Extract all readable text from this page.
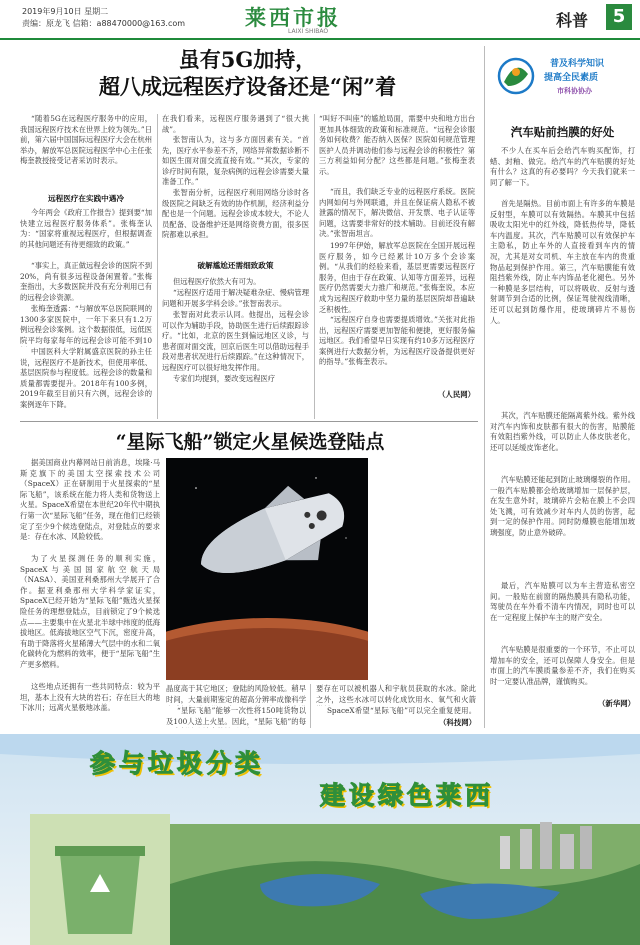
2019年9月10日 星期二
责编：原龙飞 信箱：a88470000@163.com	莱西市报
LAIXI SHIBAO
科普	5
虽有5G加持，
超八成远程医疗设备还是“闲”着

“随着5G在远程医疗服务中的应用，我国远程医疗技术在世界上较为领先。”日前，第六届中国国际远程医疗大会在杭州举办，解放军总医院远程医学中心主任张梅奎教授接受记者采访时表示。

远程医疗在实践中遇冷

今年两会《政府工作报告》提到要“加快建立远程医疗服务体系”。张梅奎认为：“国家将重视远程医疗，但根据调查的其他问题还有待更细致的政策。”

“事实上，真正做远程会诊的医院不到20%，尚有很多远程设备闲置着。”张梅奎指出，大多数医院并没有充分利用已有的远程会诊资源。

张梅奎透露：“与解放军总医院联网的1300多家医院中，一年下来只有1.2万例远程会诊案例。这个数据很低，远低医院平均每家每年的远程会诊可能不到10

中国医科大学附属盛京医院的孙主任说，远程医疗不是新技术，但使用率低、基层医院参与程度低。远程会诊的数量和质量都需要提升。2018年有100多例，2019年截至目前只有六例，远程会诊的案例逐年下降。

在我们看来，远程医疗服务遇到了“很大挑战”。

张智南认为，这与多方面因素有关。“首先，医疗水平参差不齐，网络异常数据诊断不如医生面对面交流直接有效。”“其次，专家的诊疗时间有限，复杂病例的远程会诊需要大量准备工作。”

张智南分析，远程医疗利用网络分诊时各级医院之间缺乏有效的协作机制，经济利益分配也是一个问题。远程会诊成本较大，不论人员配备、设备维护还是网络资费方面，很多医院都难以承担。

破解尴尬还需细致政策

但远程医疗依然大有可为。

“远程医疗适用于解决疑难杂症、慢病管理问题和开展多学科会诊。”张智南表示。

张智南对此表示认同。他提出，远程会诊可以作为辅助手段，协助医生进行后续跟踪诊疗。“比如，北京的医生到偏远地区义诊，与患者面对面交流，回京后医生可以借助远程手段对患者状况进行后续跟踪。”在这种情况下，远程医疗可以很好地发挥作用。

专家们均提到，要改变远程医疗

“叫好不叫座”的尴尬局面，需要中央和地方出台更加具体细致的政策和标准规范。“远程会诊服务如何收费？能否纳入医保？医院如何规范管理医护人员并调动他们参与远程会诊的积极性？第三方利益如何分配？这些都是问题。”张梅奎表示。

“而且，我们缺乏专业的远程医疗系统。医院内网如何与外网联通，并且在保证病人隐私不被泄露的情况下，解决微信、开发票、电子认证等问题，这需要非常好的技术辅助。目前还没有解决。”张智南坦言。

1997年伊始，解放军总医院在全国开展远程医疗服务，如今已经累计10万多个会诊案例。“从我们的经验来看，基层更需要远程医疗服务，但由于存在政策、认知等方面差异，远程医疗仍然需要大力推广和规范。”张梅奎说，本应成为远程医疗救助中坚力量的基层医院却普遍缺乏积极性。

“远程医疗自身也需要提质增效。”关张对此指出，远程医疗需要更加智能和便捷，更好服务偏远地区。我们希望早日实现有约10多万远程医疗案例进行大数据分析，为远程医疗设备提供更好的指导。”张梅奎表示。

（人民网）

普及科学知识
提高全民素质
市科协协办
汽车贴前挡膜的好处

不少人在买车后会给汽车购买配饰，打蜡、封釉、做完。给汽车的汽车贴膜的好处有什么？这真的有必要吗？今天我们就来一同了解一下。

首先是隔热。目前市面上有许多的车膜是反射型，车膜可以有效隔热。车膜其中包括吸收太阳光中的红外线，降低热传导，降低车内温度。其次，汽车贴膜可以有效保护车主隐私，防止车外的人直接看到车内的情况，尤其是对女司机、车主放在车内的贵重物品起到保护作用。第三，汽车贴膜能有效阻挡紫外线，防止车内饰品老化褪色。另外一种膜是多层结构，可以将吸收、反射与透射调节到合适的比例，保证驾驶视线清晰，还可以起到防爆作用，使玻璃碎片不易伤人。

其次，汽车贴膜还能隔离紫外线。紫外线对汽车内饰和皮肤都有很大的伤害，贴膜能有效阻挡紫外线，可以防止人体皮肤老化，还可以延缓皮饰老化。

汽车贴膜还能起到防止玻璃爆裂的作用。一般汽车贴膜都会给玻璃增加一层保护层，在发生意外时，玻璃碎片会粘在膜上不会四处飞溅，可有效减少对车内人员的伤害，起到一定的保护作用。同时防爆膜也能增加玻璃强度，防止意外破碎。

最后，汽车贴膜可以为车主营造私密空间。一般贴在前窗的隔热膜具有隐私功能，驾驶员在车外看不清车内情况，同时也可以在一定程度上保护车主的财产安全。

汽车贴膜是很重要的一个环节，不止可以增加车的安全，还可以保障人身安全。但是市面上的汽车膜质量参差不齐，我们在购买时一定要认准品牌，谨慎购买。

（新华网）

“星际飞船”锁定火星候选登陆点

据美国商业内幕网站日前消息，埃隆·马斯克旗下的美国太空探索技术公司（SpaceX）正在研制用于火星探索的“星际飞船”，该系统在能力将人类和货物送上火星。SpaceX希望在本世纪20年代中期执行第一次“星际飞船”任务，现在他们已经锁定了至少9个候选登陆点，对登陆点的要求是：存在水冰、风险较低。

为了火星探测任务的顺利实施，SpaceX与美国国家航空航天局（NASA）、美国亚利桑那州大学展开了合作。据亚利桑那州大学科学家证实，SpaceX已经开始为“星际飞船”甄选火星探险任务的理想登陆点，目前锁定了9个候选点——主要集中在火星北半球中纬度的低海拔地区。低海拔地区空气下沉，密度升高，有助于降落将火星稀薄大气层中的水和二氧化碳转化为燃料的效率，便于“星际飞船”生产更多燃料。

这些地点还拥有一些共同特点：较为平坦，基本上没有大块的岩石；存在巨大的地下冰川；远离火星极地冰盖。

晶度高于其它地区；登陆的风险较低。稍早时间，大量前期鉴定的超高分辨率成像科学

“星际飞船”能够一次性将150吨货物以及100人送上火星。因此，“星际飞船”的每

要存在可以被机器人和宇航员获取的水冰。除此之外，这些水冰可以转化成饮用水、氧气和火箭

SpaceX希望“星际飞船”可以完全重复使用。

（科技网）

参与垃圾分类
建设绿色莱西
